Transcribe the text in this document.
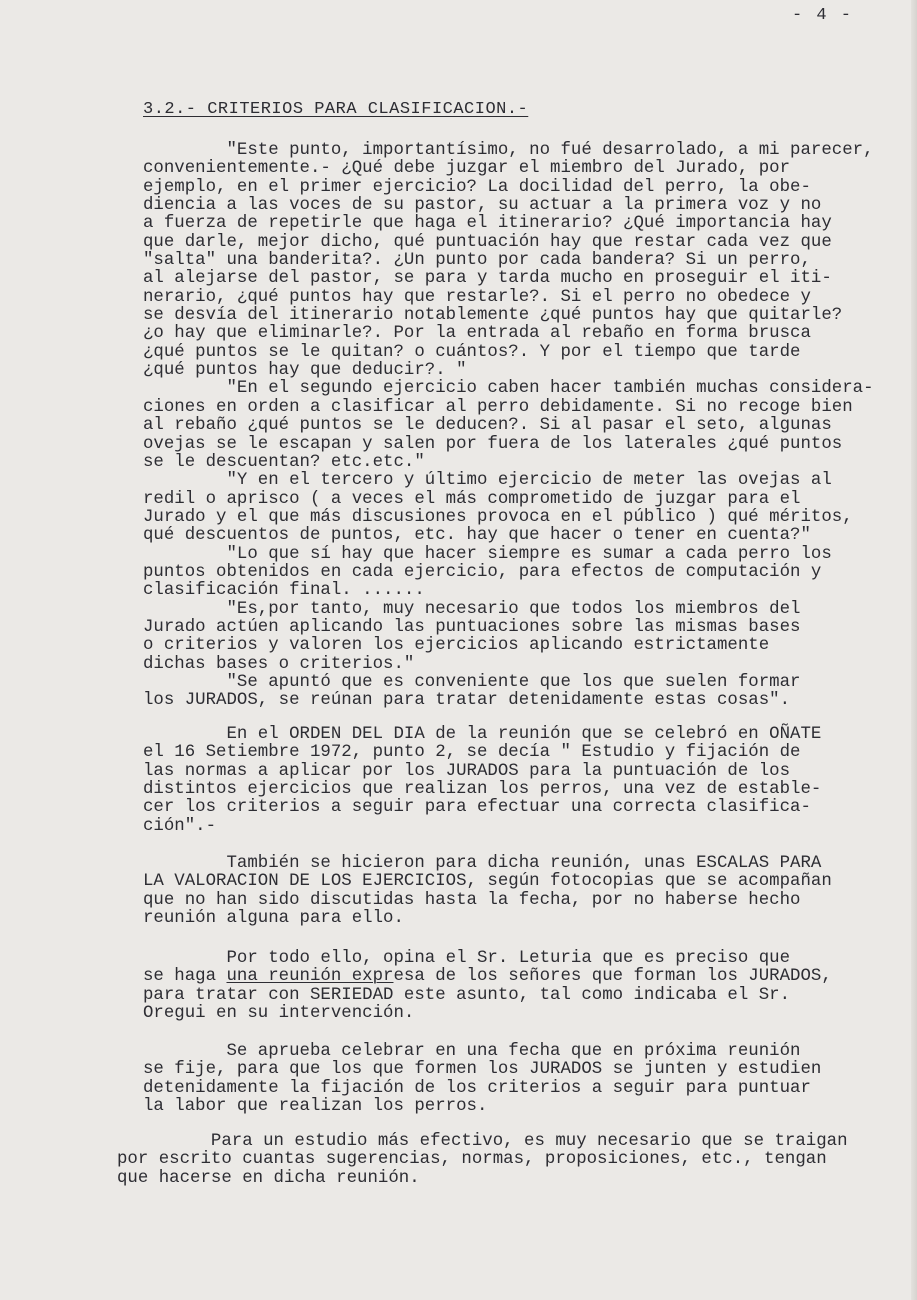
- 4 -
3.2.- CRITERIOS PARA CLASIFICACION.-
"Este punto, importantísimo, no fué desarrolado, a mi parecer,
convenientemente.- ¿Qué debe juzgar el miembro del Jurado, por
ejemplo, en el primer ejercicio? La docilidad del perro, la obe-
diencia a las voces de su pastor, su actuar a la primera voz y no
a fuerza de repetirle que haga el itinerario? ¿Qué importancia hay
que darle, mejor dicho, qué puntuación hay que restar cada vez que
"salta" una banderita?. ¿Un punto por cada bandera? Si un perro,
al alejarse del pastor, se para y tarda mucho en proseguir el iti-
nerario, ¿qué puntos hay que restarle?. Si el perro no obedece y
se desvía del itinerario notablemente ¿qué puntos hay que quitarle?
¿o hay que eliminarle?. Por la entrada al rebaño en forma brusca
¿qué puntos se le quitan? o cuántos?. Y por el tiempo que tarde
¿qué puntos hay que deducir?. "
"En el segundo ejercicio caben hacer también muchas considera-
ciones en orden a clasificar al perro debidamente. Si no recoge bien
al rebaño ¿qué puntos se le deducen?. Si al pasar el seto, algunas
ovejas se le escapan y salen por fuera de los laterales ¿qué puntos
se le descuentan? etc.etc."
"Y en el tercero y último ejercicio de meter las ovejas al
redil o aprisco ( a veces el más comprometido de juzgar para el
Jurado y el que más discusiones provoca en el público ) qué méritos,
qué descuentos de puntos, etc. hay que hacer o tener en cuenta?"
"Lo que sí hay que hacer siempre es sumar a cada perro los
puntos obtenidos en cada ejercicio, para efectos de computación y
clasificación final. ......
"Es,por tanto, muy necesario que todos los miembros del
Jurado actúen aplicando las puntuaciones sobre las mismas bases
o criterios y valoren los ejercicios aplicando estrictamente
dichas bases o criterios."
"Se apuntó que es conveniente que los que suelen formar
los JURADOS, se reúnan para tratar detenidamente estas cosas".
En el ORDEN DEL DIA de la reunión que se celebró en OÑATE
el 16 Setiembre 1972, punto 2, se decía " Estudio y fijación de
las normas a aplicar por los JURADOS para la puntuación de los
distintos ejercicios que realizan los perros, una vez de estable-
cer los criterios a seguir para efectuar una correcta clasifica-
ción".-
También se hicieron para dicha reunión, unas ESCALAS PARA
LA VALORACION DE LOS EJERCICIOS, según fotocopias que se acompañan
que no han sido discutidas hasta la fecha, por no haberse hecho
reunión alguna para ello.
Por todo ello, opina el Sr. Leturia que es preciso que
se haga una reunión expresa de los señores que forman los JURADOS,
para tratar con SERIEDAD este asunto, tal como indicaba el Sr.
Oregui en su intervención.
Se aprueba celebrar en una fecha que en próxima reunión
se fije, para que los que formen los JURADOS se junten y estudien
detenidamente la fijación de los criterios a seguir para puntuar
la labor que realizan los perros.
Para un estudio más efectivo, es muy necesario que se traigan
por escrito cuantas sugerencias, normas, proposiciones, etc., tengan
que hacerse en dicha reunión.
